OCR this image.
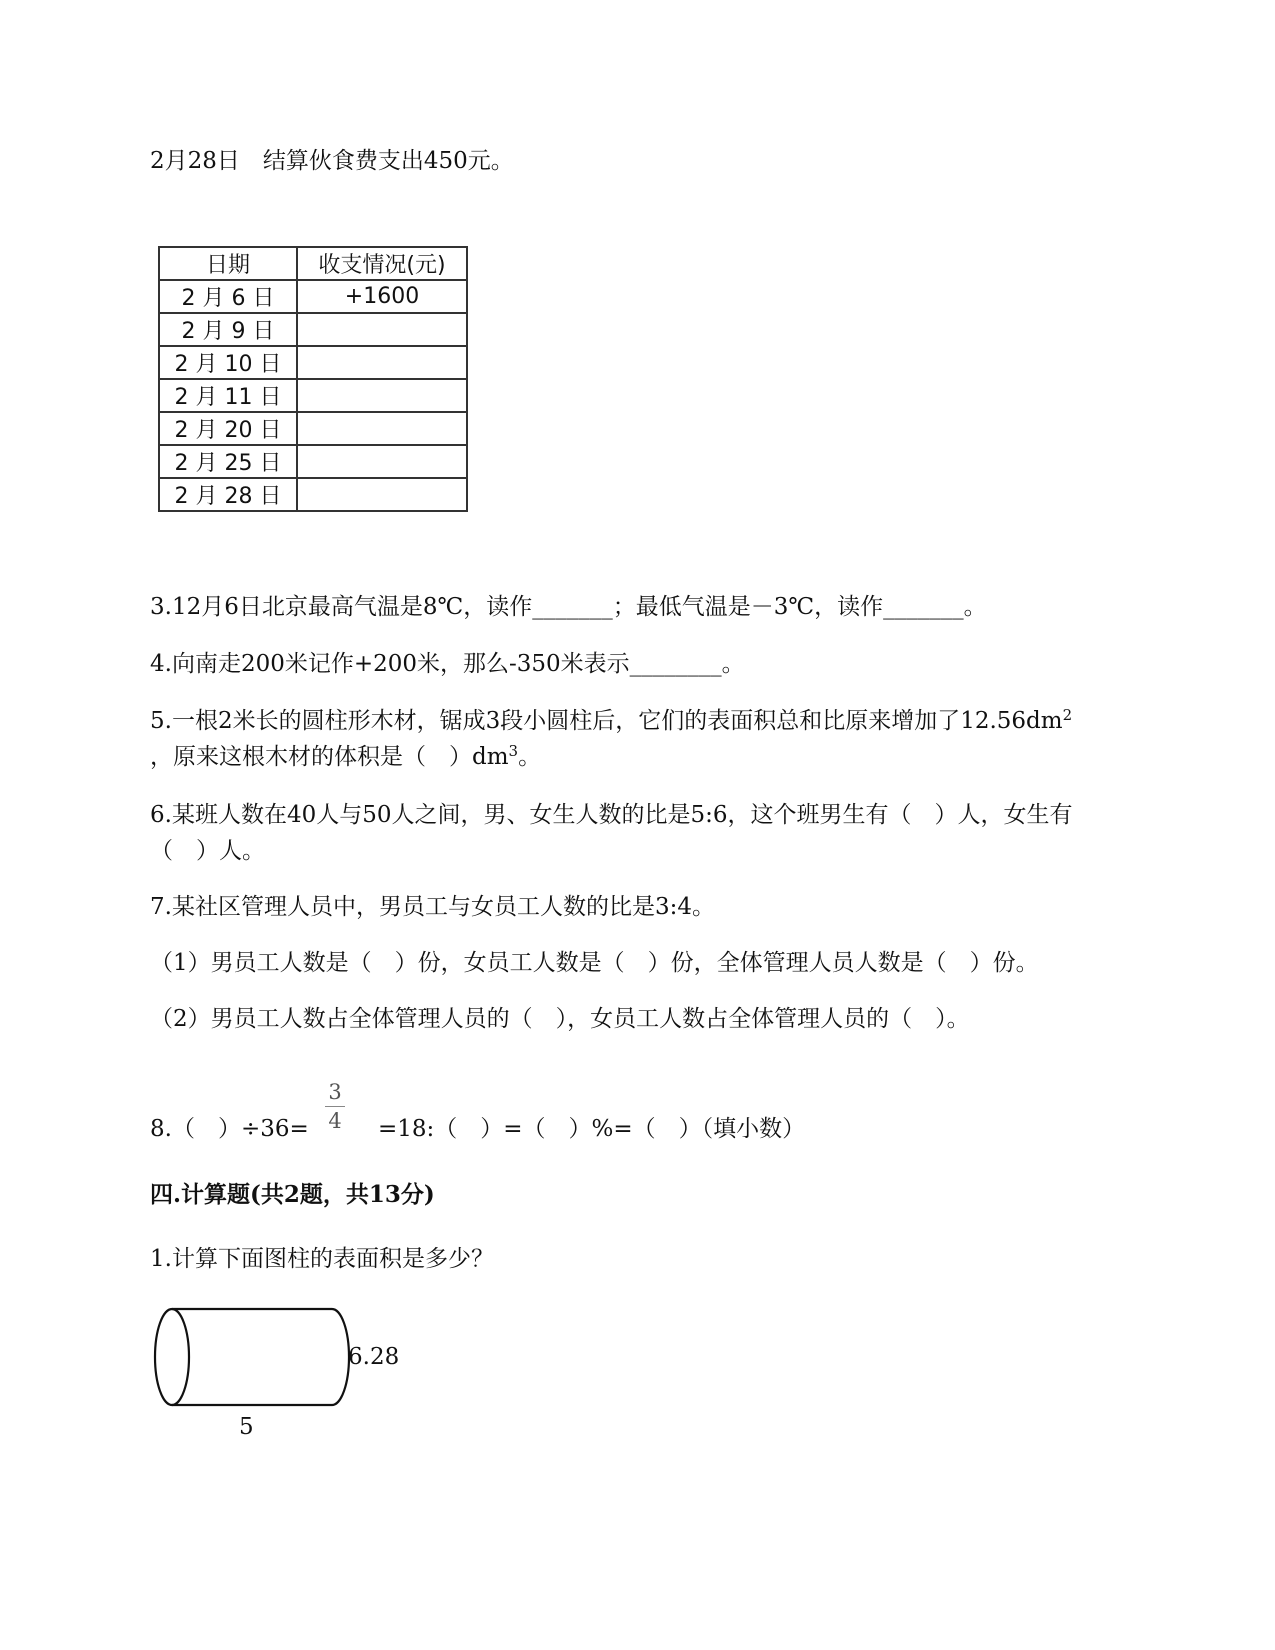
2月28日　结算伙食费支出450元。
日期	收支情况(元)
2 月 6 日	+1600
2 月 9 日	
2 月 10 日	
2 月 11 日	
2 月 20 日	
2 月 25 日	
2 月 28 日	
3.12月6日北京最高气温是8℃，读作_______；最低气温是－3℃，读作_______。
4.向南走200米记作+200米，那么-350米表示________。
5.一根2米长的圆柱形木材，锯成3段小圆柱后，它们的表面积总和比原来增加了$12.56dm^2$
，原来这根木材的体积是（　）$dm^3$。
6.某班人数在40人与50人之间，男、女生人数的比是5:6，这个班男生有（　）人，女生有
（　）人。
7.某社区管理人员中，男员工与女员工人数的比是3:4。
（1）男员工人数是（　）份，女员工人数是（　）份，全体管理人员人数是（　）份。
（2）男员工人数占全体管理人员的（　），女员工人数占全体管理人员的（　）。
3
4
8.（　）÷36=	=18:（　）=（　）%=（　）（填小数）
四.计算题(共2题，共13分)
1.计算下面图柱的表面积是多少？
6.28
5
